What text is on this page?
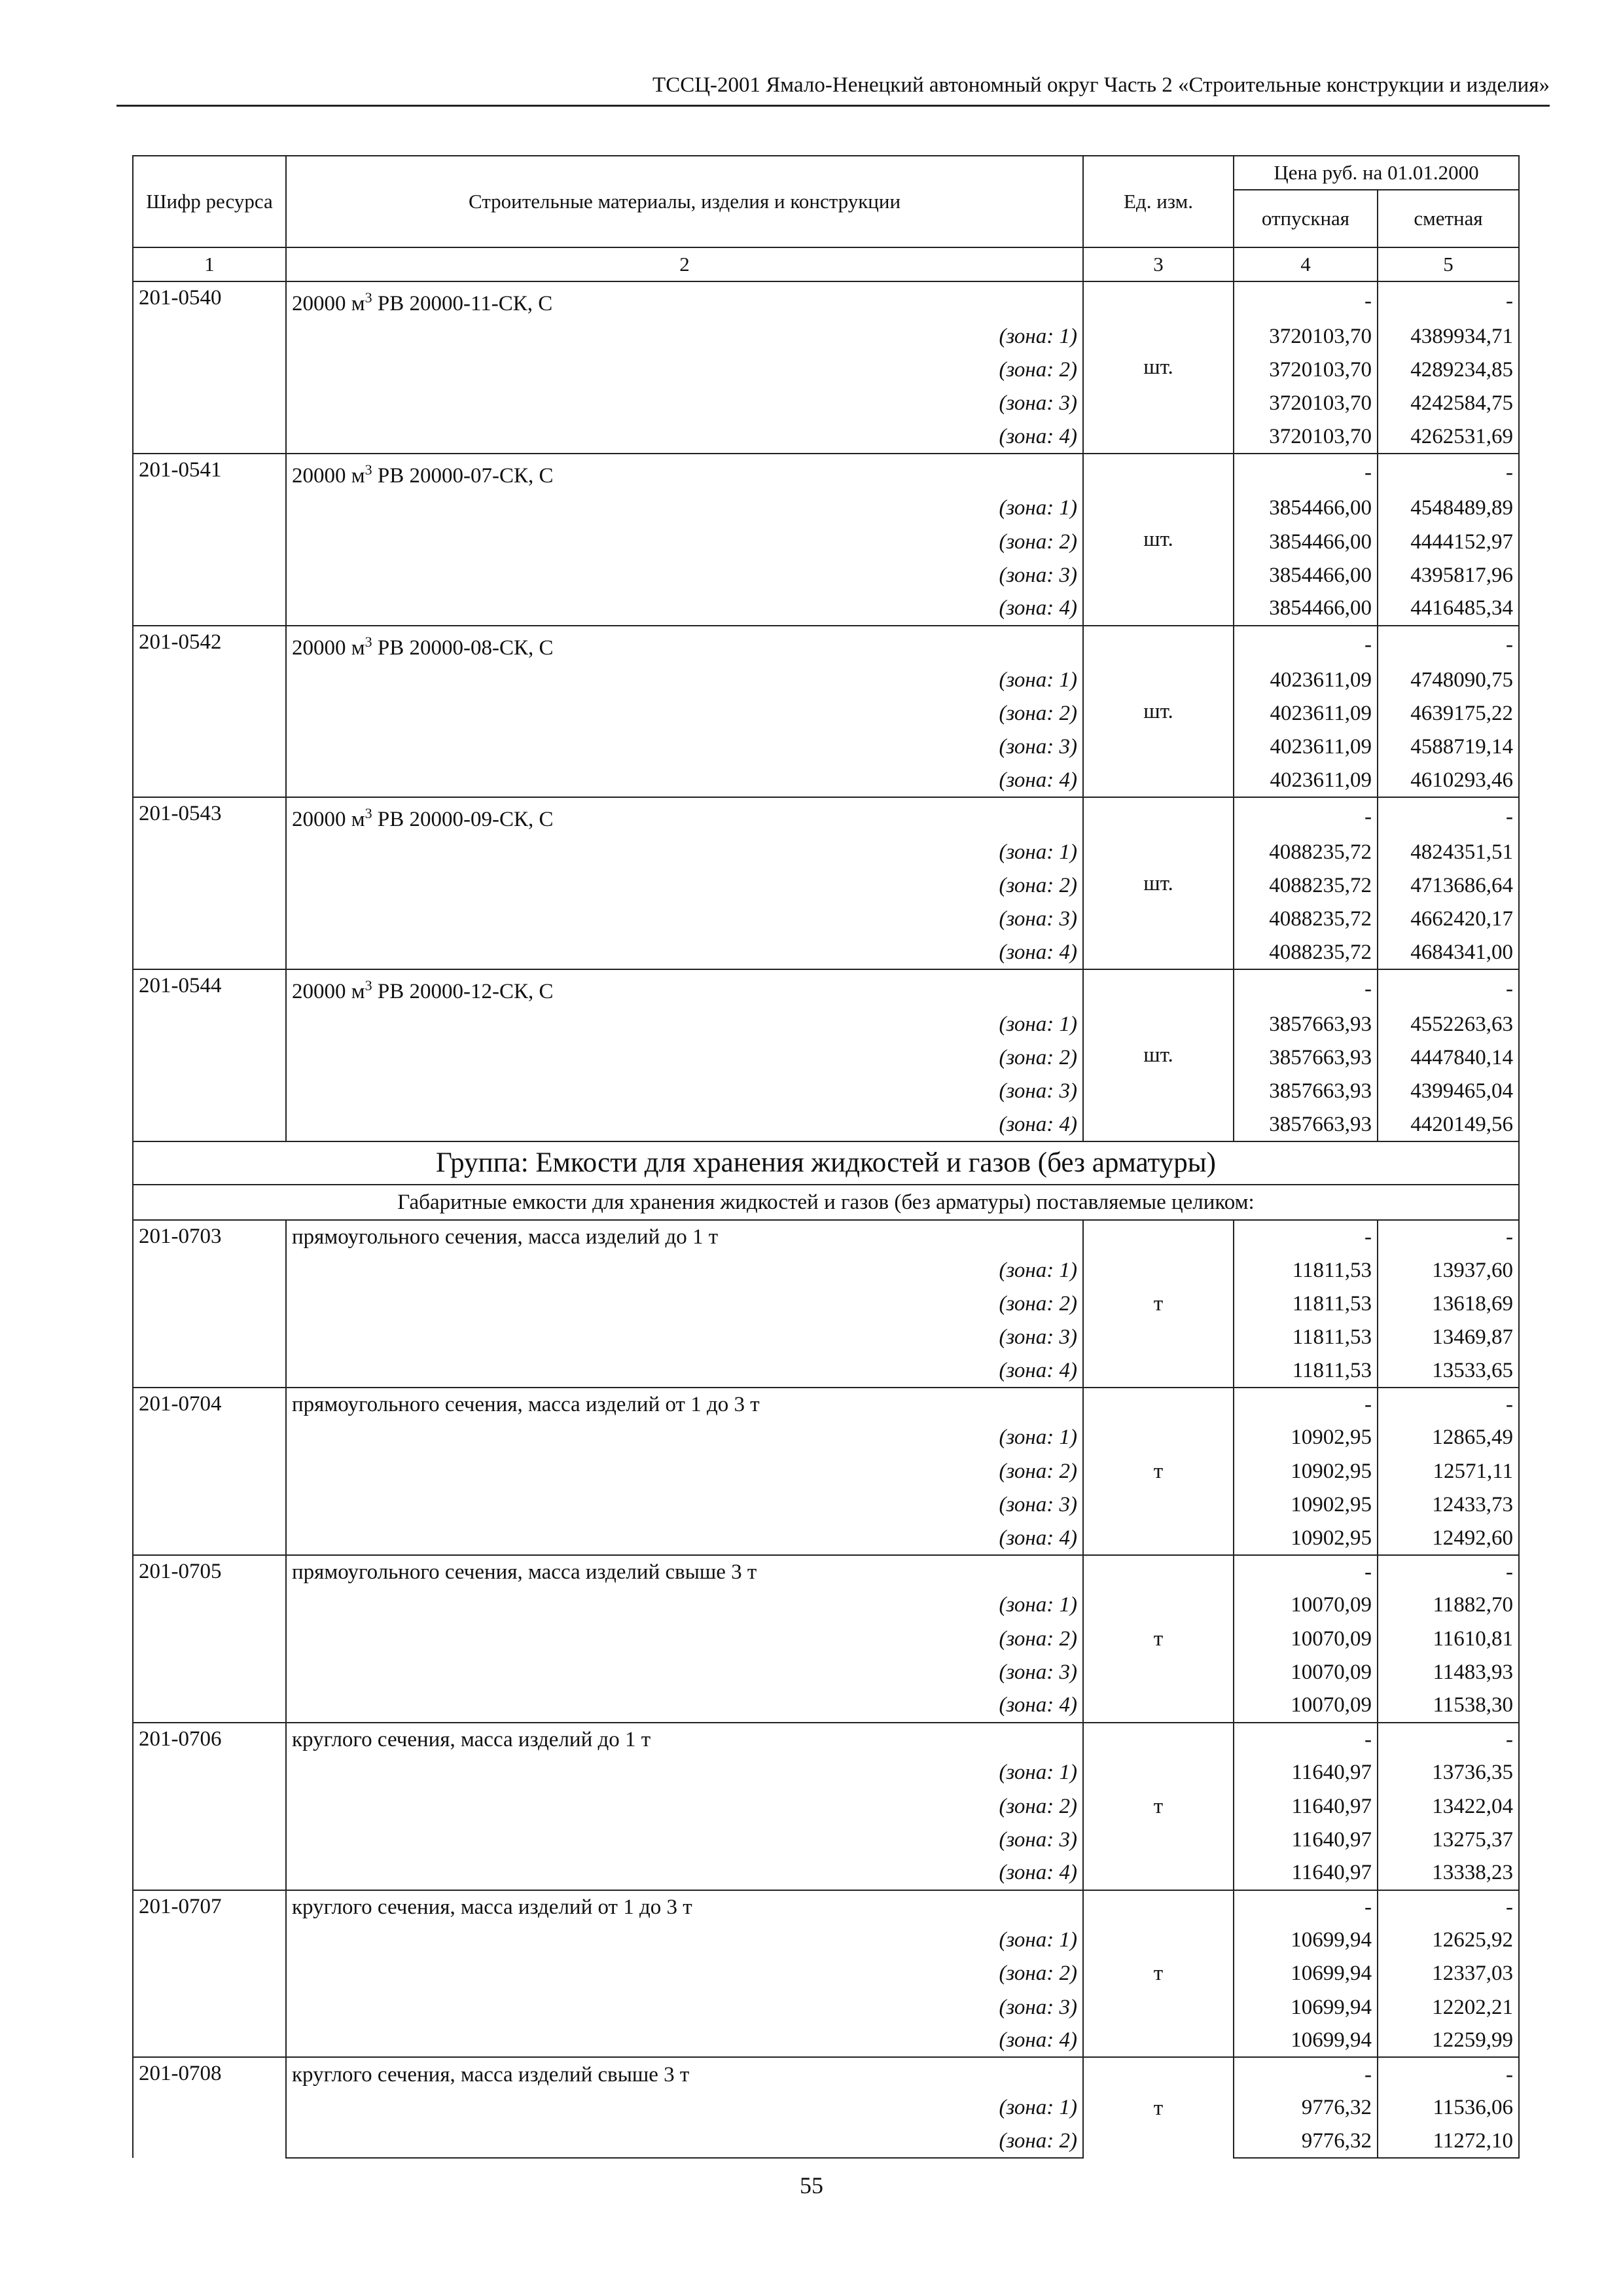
ТССЦ-2001 Ямало-Ненецкий автономный округ Часть 2 «Строительные конструкции и изделия»
Шифр ресурса	Строительные материалы, изделия и конструкции	Ед. изм.	Цена руб. на 01.01.2000	
			отпускная	сметная
1	2	3	4	5
201-0540	20000 $м^3$ РВ 20000-11-СК, С	шт.	-	-
	(зона: 1)		3720103,70	4389934,71
	(зона: 2)		3720103,70	4289234,85
	(зона: 3)		3720103,70	4242584,75
	(зона: 4)		3720103,70	4262531,69
201-0541	20000 $м^3$ РВ 20000-07-СК, С	шт.	-	-
	(зона: 1)		3854466,00	4548489,89
	(зона: 2)		3854466,00	4444152,97
	(зона: 3)		3854466,00	4395817,96
	(зона: 4)		3854466,00	4416485,34
201-0542	20000 $м^3$ РВ 20000-08-СК, С	шт.	-	-
	(зона: 1)		4023611,09	4748090,75
	(зона: 2)		4023611,09	4639175,22
	(зона: 3)		4023611,09	4588719,14
	(зона: 4)		4023611,09	4610293,46
201-0543	20000 $м^3$ РВ 20000-09-СК, С	шт.	-	-
	(зона: 1)		4088235,72	4824351,51
	(зона: 2)		4088235,72	4713686,64
	(зона: 3)		4088235,72	4662420,17
	(зона: 4)		4088235,72	4684341,00
201-0544	20000 $м^3$ РВ 20000-12-СК, С	шт.	-	-
	(зона: 1)		3857663,93	4552263,63
	(зона: 2)		3857663,93	4447840,14
	(зона: 3)		3857663,93	4399465,04
	(зона: 4)		3857663,93	4420149,56
Группа: Емкости для хранения жидкостей и газов (без арматуры)				
Габаритные емкости для хранения жидкостей и газов (без арматуры) поставляемые целиком:				
201-0703	прямоугольного сечения, масса изделий до 1 т	т	-	-
	(зона: 1)		11811,53	13937,60
	(зона: 2)		11811,53	13618,69
	(зона: 3)		11811,53	13469,87
	(зона: 4)		11811,53	13533,65
201-0704	прямоугольного сечения, масса изделий от 1 до 3 т	т	-	-
	(зона: 1)		10902,95	12865,49
	(зона: 2)		10902,95	12571,11
	(зона: 3)		10902,95	12433,73
	(зона: 4)		10902,95	12492,60
201-0705	прямоугольного сечения, масса изделий свыше 3 т	т	-	-
	(зона: 1)		10070,09	11882,70
	(зона: 2)		10070,09	11610,81
	(зона: 3)		10070,09	11483,93
	(зона: 4)		10070,09	11538,30
201-0706	круглого сечения, масса изделий до 1 т	т	-	-
	(зона: 1)		11640,97	13736,35
	(зона: 2)		11640,97	13422,04
	(зона: 3)		11640,97	13275,37
	(зона: 4)		11640,97	13338,23
201-0707	круглого сечения, масса изделий от 1 до 3 т	т	-	-
	(зона: 1)		10699,94	12625,92
	(зона: 2)		10699,94	12337,03
	(зона: 3)		10699,94	12202,21
	(зона: 4)		10699,94	12259,99
201-0708	круглого сечения, масса изделий свыше 3 т	т	-	-
	(зона: 1)		9776,32	11536,06
	(зона: 2)		9776,32	11272,10
55
